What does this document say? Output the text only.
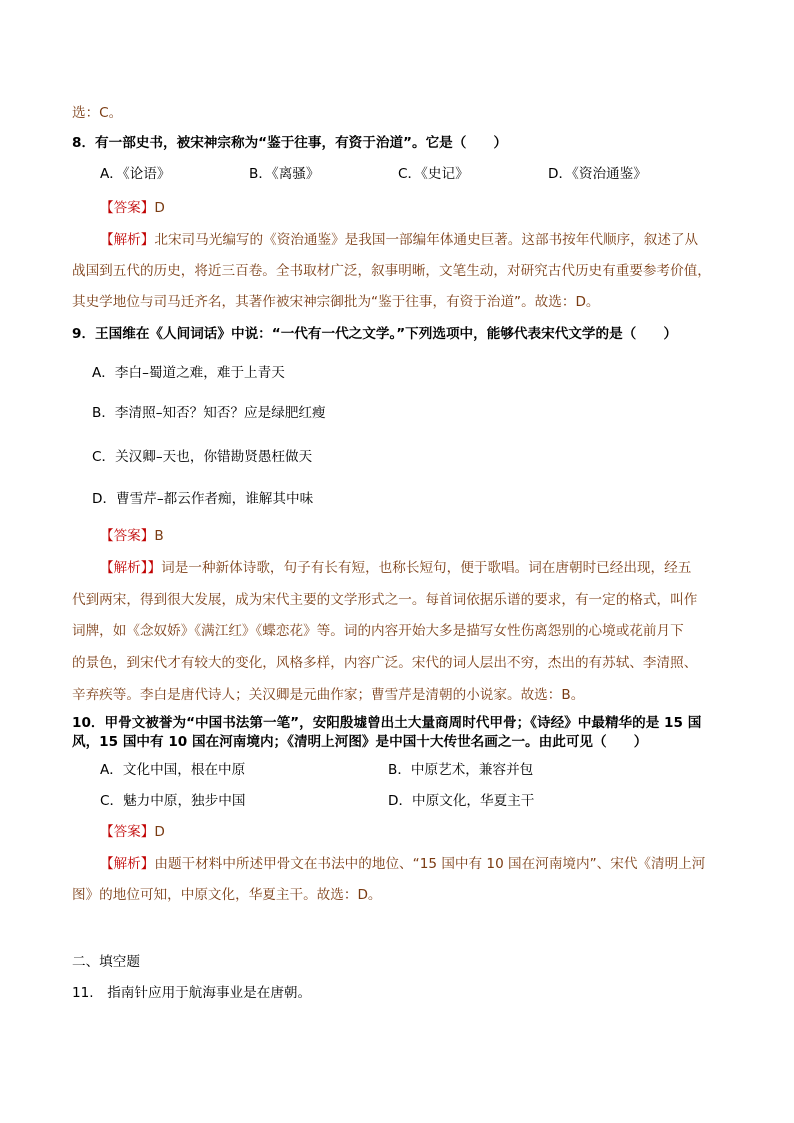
选：C。
8．有一部史书，被宋神宗称为“鉴于往事，有资于治道”。它是（　　）
A．《论语》	B．《离骚》	C．《史记》	D．《资治通鉴》
【答案】D
【解析】北宋司马光编写的《资治通鉴》是我国一部编年体通史巨著。这部书按年代顺序，叙述了从
战国到五代的历史，将近三百卷。全书取材广泛，叙事明晰，文笔生动，对研究古代历史有重要参考价值，
其史学地位与司马迁齐名，其著作被宋神宗御批为“鉴于往事，有资于治道”。故选：D。
9．王国维在《人间词话》中说：“一代有一代之文学。”下列选项中，能够代表宋代文学的是（　　）
A．李白–蜀道之难，难于上青天
B．李清照–知否？知否？应是绿肥红瘦
C．关汉卿–天也，你错勘贤愚枉做天
D．曹雪芹–都云作者痴，谁解其中味
【答案】B
【解析】】词是一种新体诗歌，句子有长有短，也称长短句，便于歌唱。词在唐朝时已经出现，经五
代到两宋，得到很大发展，成为宋代主要的文学形式之一。每首词依据乐谱的要求，有一定的格式，叫作
词牌，如《念奴娇》《满江红》《蝶恋花》等。词的内容开始大多是描写女性伤离怨别的心境或花前月下
的景色，到宋代才有较大的变化，风格多样，内容广泛。宋代的词人层出不穷，杰出的有苏轼、李清照、
辛弃疾等。李白是唐代诗人；关汉卿是元曲作家；曹雪芹是清朝的小说家。故选：B。
10．甲骨文被誉为“中国书法第一笔”，安阳殷墟曾出土大量商周时代甲骨；《诗经》中最精华的是 15 国
风，15 国中有 10 国在河南境内；《清明上河图》是中国十大传世名画之一。由此可见（　　）
A．文化中国，根在中原	B．中原艺术，兼容并包
C．魅力中原，独步中国	D．中原文化，华夏主干
【答案】D
【解析】由题干材料中所述甲骨文在书法中的地位、“15 国中有 10 国在河南境内”、宋代《清明上河
图》的地位可知，中原文化，华夏主干。故选：D。
二、填空题
11.　指南针应用于航海事业是在唐朝。
